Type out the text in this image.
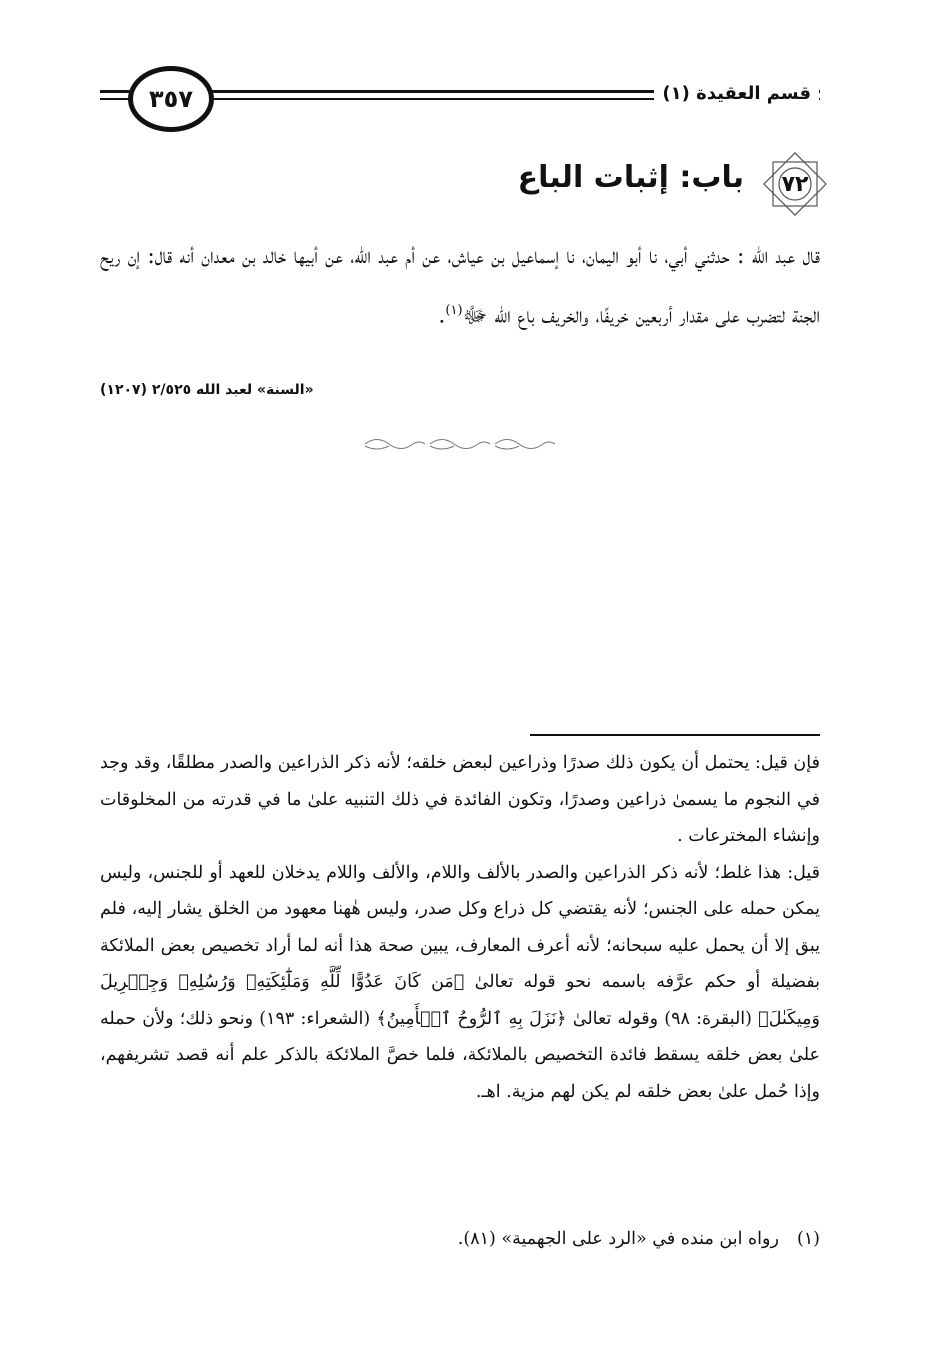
٣٥٧	قسم العقيدة (١)
٧٢
باب: إثبات الباع
قال عبد الله : حدثني أبي، نا أبو اليمان، نا إسماعيل بن عياش، عن أم عبد الله، عن أبيها خالد بن معدان أنه قال: إن ريح الجنة لتضرب على مقدار أربعين خريفًا، والخريف باع الله ﷻ$^{(١)}$.
«السنة» لعبد الله ٢/٥٢٥ (١٢٠٧)

فإن قيل: يحتمل أن يكون ذلك صدرًا وذراعين لبعض خلقه؛ لأنه ذكر الذراعين والصدر مطلقًا، وقد وجد في النجوم ما يسمىٰ ذراعين وصدرًا، وتكون الفائدة في ذلك التنبيه علىٰ ما في قدرته من المخلوقات وإنشاء المخترعات .

قيل: هذا غلط؛ لأنه ذكر الذراعين والصدر بالألف واللام، والألف واللام يدخلان للعهد أو للجنس، وليس يمكن حمله على الجنس؛ لأنه يقتضي كل ذراع وكل صدر، وليس هٰهنا معهود من الخلق يشار إليه، فلم يبق إلا أن يحمل عليه سبحانه؛ لأنه أعرف المعارف، يبين صحة هذا أنه لما أراد تخصيص بعض الملائكة بفضيلة أو حكم عرَّفه باسمه نحو قوله تعالىٰ ﴿مَن كَانَ عَدُوًّا لِّلَّهِ وَمَلَٰٓئِكَتِهِۦ وَرُسُلِهِۦ وَجِبۡرِيلَ وَمِيكَىٰلَ﴾ (البقرة: ٩٨) وقوله تعالىٰ ﴿نَزَلَ بِهِ ٱلرُّوحُ ٱلۡأَمِينُ﴾ (الشعراء: ١٩٣) ونحو ذلك؛ ولأن حمله علىٰ بعض خلقه يسقط فائدة التخصيص بالملائكة، فلما خصَّ الملائكة بالذكر علم أنه قصد تشريفهم، وإذا حُمل علىٰ بعض خلقه لم يكن لهم مزية. اهـ.

(١)رواه ابن منده في «الرد على الجهمية» (٨١).
